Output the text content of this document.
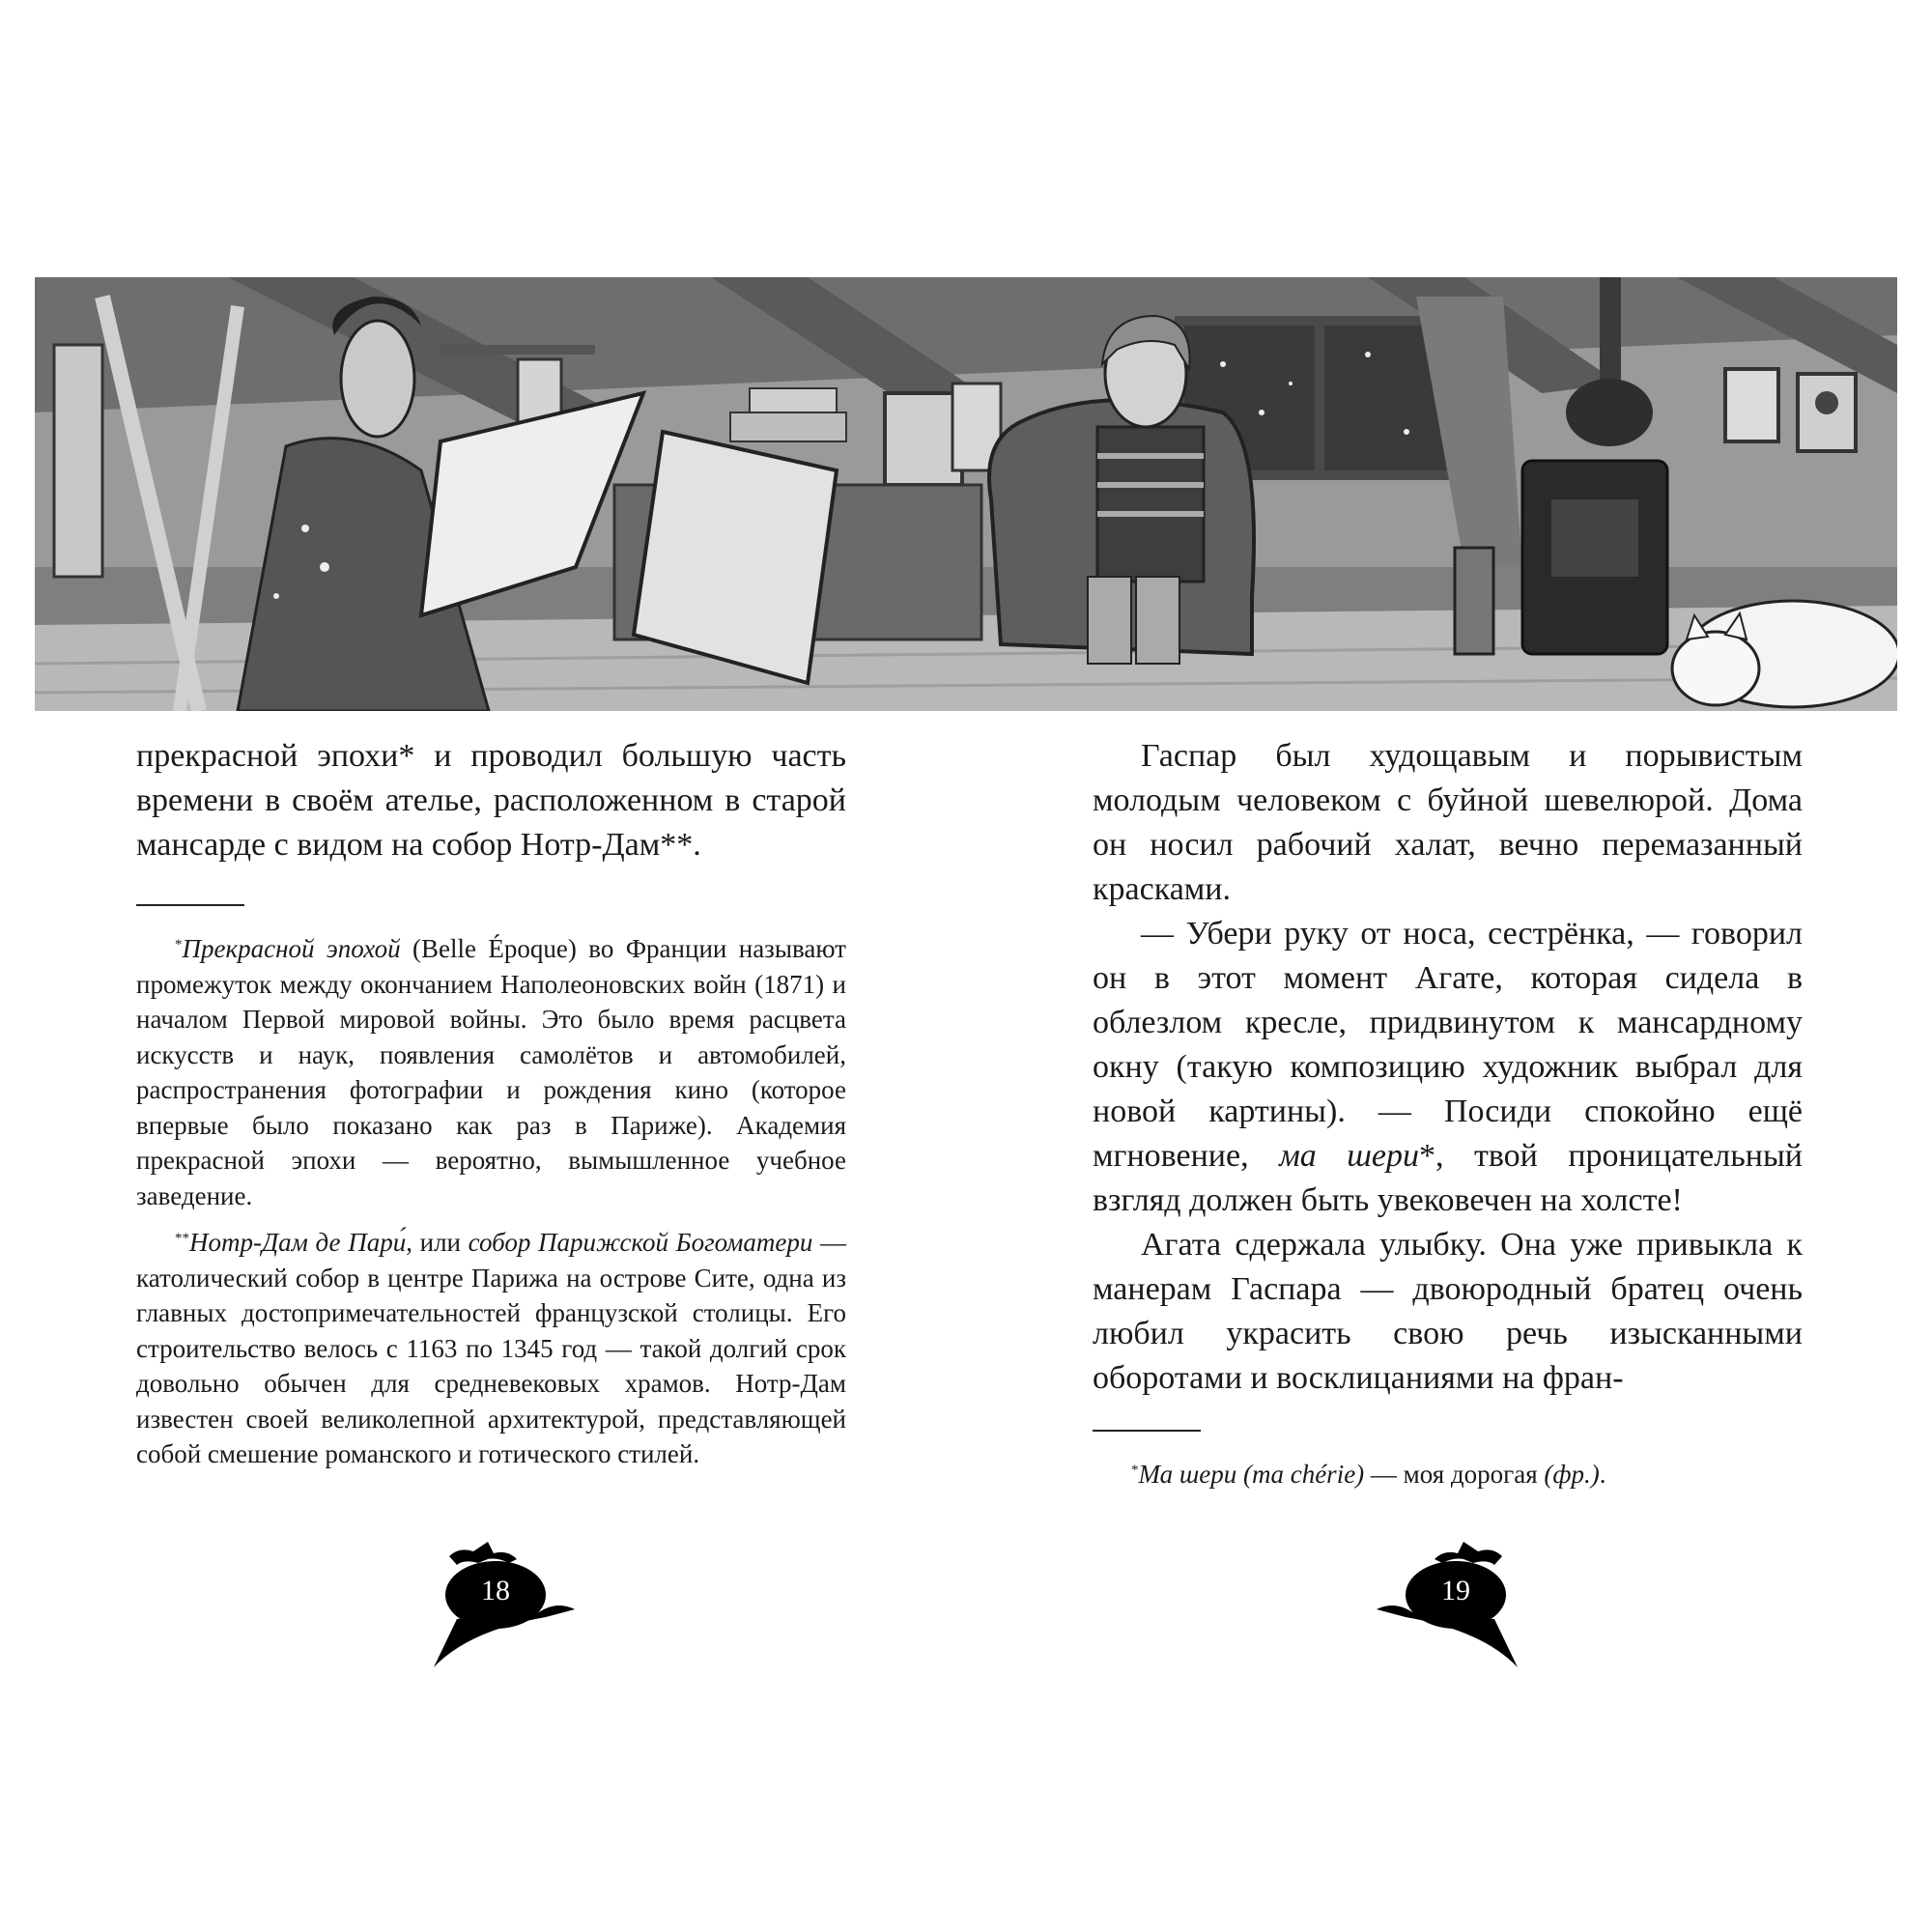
прекрасной эпохи* и проводил большую часть времени в своём ателье, расположенном в старой мансарде с видом на собор Нотр-Дам**.

*Прекрасной эпохой (Belle Époque) во Франции называют промежуток между окончанием Наполеоновских войн (1871) и началом Первой мировой войны. Это было время расцвета искусств и наук, появления самолётов и автомобилей, распространения фотографии и рождения кино (которое впервые было показано как раз в Париже). Академия прекрасной эпохи — вероятно, вымышленное учебное заведение.

**Нотр-Дам де Пари́, или собор Парижской Богоматери — католический собор в центре Парижа на острове Сите, одна из главных достопримечательностей французской столицы. Его строительство велось с 1163 по 1345 год — такой долгий срок довольно обычен для средневековых храмов. Нотр-Дам известен своей великолепной архитектурой, представляющей собой смешение романского и готического стилей.

Гаспар был худощавым и порывистым молодым человеком с буйной шевелюрой. Дома он носил рабочий халат, вечно перемазанный красками.

— Убери руку от носа, сестрёнка, — говорил он в этот момент Агате, которая сидела в облезлом кресле, придвинутом к мансардному окну (такую композицию художник выбрал для новой картины). — Посиди спокойно ещё мгновение, ма шери*, твой проницательный взгляд должен быть увековечен на холсте!

Агата сдержала улыбку. Она уже привыкла к манерам Гаспара — двоюродный братец очень любил украсить свою речь изысканными оборотами и восклицаниями на фран-

*Ма шери (ma chérie) — моя дорогая (фр.).

18	19
